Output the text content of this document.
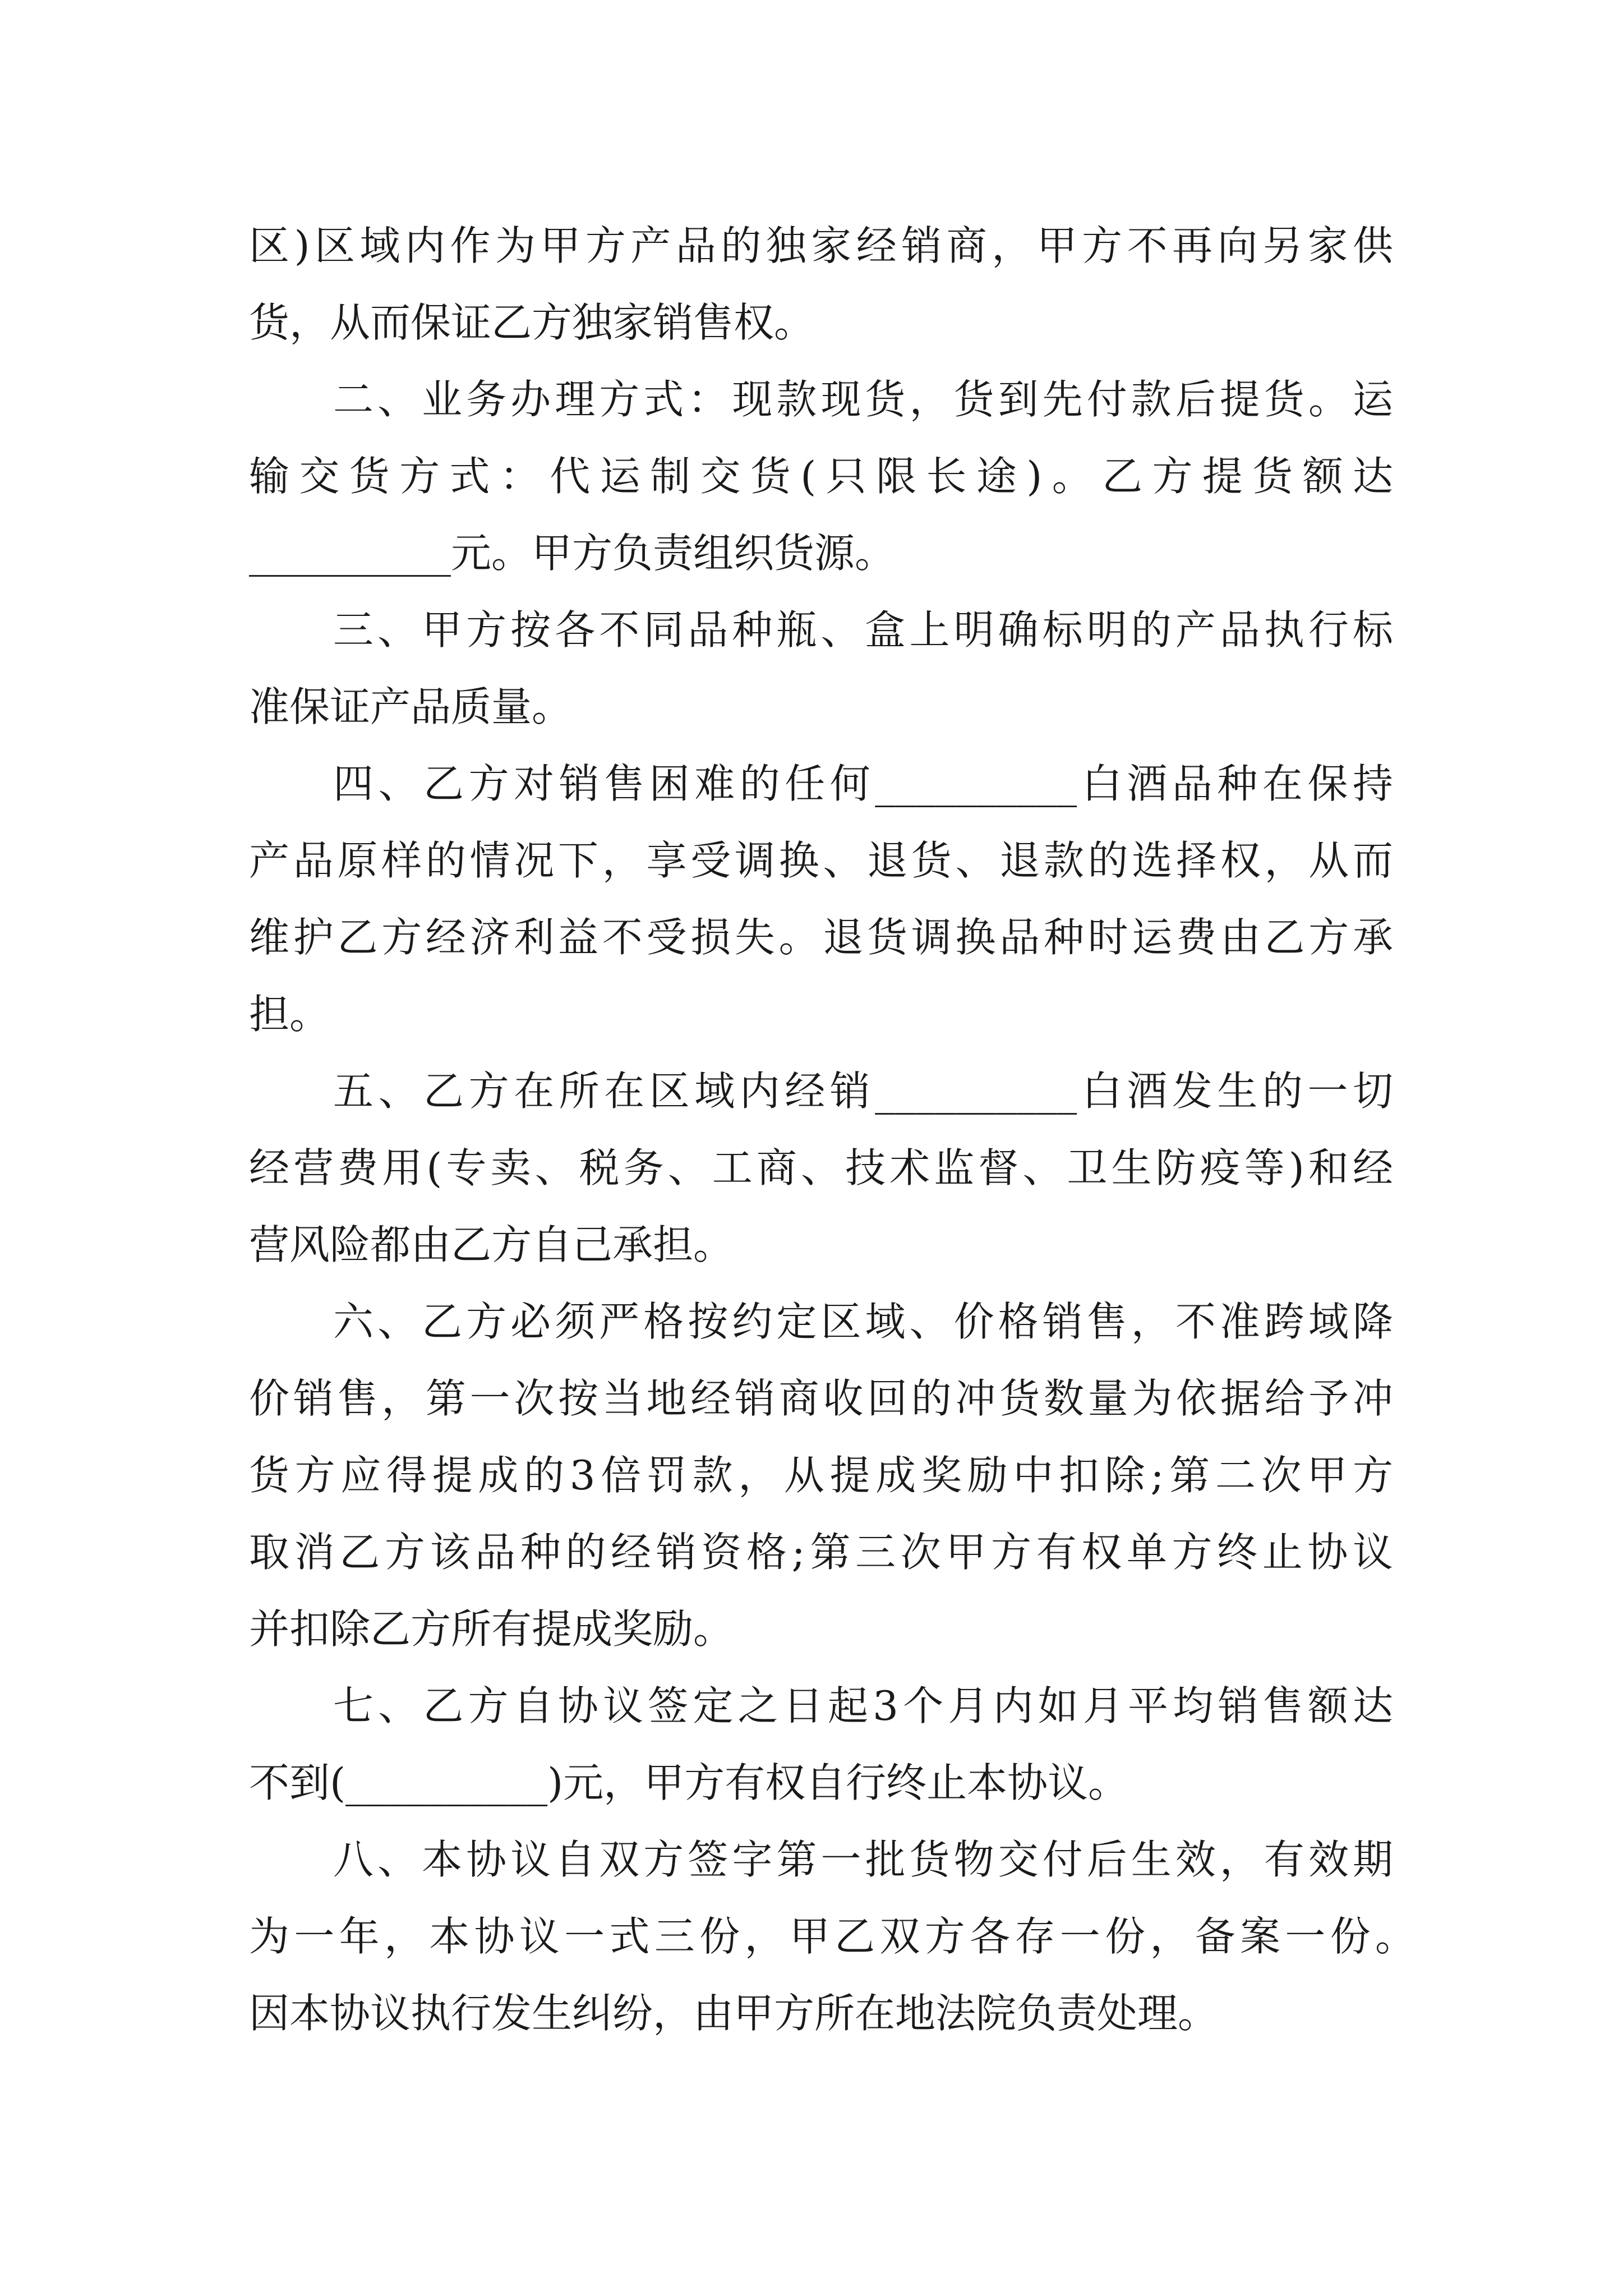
区)区域内作为甲方产品的独家经销商，甲方不再向另家供
货，从而保证乙方独家销售权。
二、业务办理方式：现款现货，货到先付款后提货。运
输交货方式：代运制交货(只限长途)。乙方提货额达
__________元。甲方负责组织货源。
三、甲方按各不同品种瓶、盒上明确标明的产品执行标
准保证产品质量。
四、乙方对销售困难的任何__________白酒品种在保持
产品原样的情况下，享受调换、退货、退款的选择权，从而
维护乙方经济利益不受损失。退货调换品种时运费由乙方承
担。
五、乙方在所在区域内经销__________白酒发生的一切
经营费用(专卖、税务、工商、技术监督、卫生防疫等)和经
营风险都由乙方自己承担。
六、乙方必须严格按约定区域、价格销售，不准跨域降
价销售，第一次按当地经销商收回的冲货数量为依据给予冲
货方应得提成的3倍罚款，从提成奖励中扣除;第二次甲方
取消乙方该品种的经销资格;第三次甲方有权单方终止协议
并扣除乙方所有提成奖励。
七、乙方自协议签定之日起3个月内如月平均销售额达
不到(__________)元，甲方有权自行终止本协议。
八、本协议自双方签字第一批货物交付后生效，有效期
为一年，本协议一式三份，甲乙双方各存一份，备案一份。
因本协议执行发生纠纷，由甲方所在地法院负责处理。
